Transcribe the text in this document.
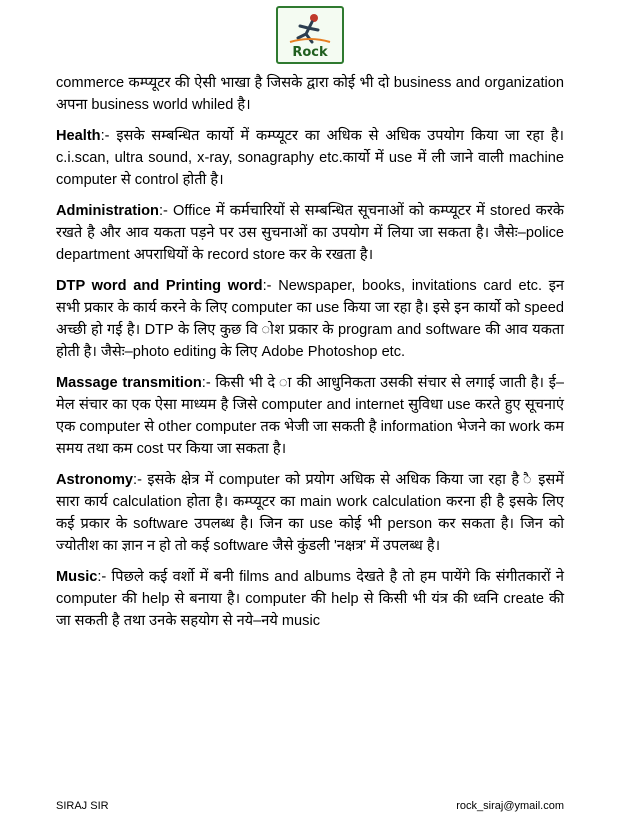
Rock

commerce कम्प्यूटर की ऐसी भाखा है जिसके द्वारा कोई भी दो business and organization अपना business world whiled है।

Health:- इसके सम्बन्धित कार्यो में कम्प्यूटर का अधिक से अधिक उपयोग किया जा रहा है। c.i.scan, ultra sound, x-ray, sonagraphy etc.कार्यो में use में ली जाने वाली machine computer से control होती है।

Administration:- Office में कर्मचारियों से सम्बन्धित सूचनाओं को कम्प्यूटर में stored करके रखते है और आव यकता पड़ने पर उस सुचनाओं का उपयोग में लिया जा सकता है। जैसेः–police department अपराधियों के record store कर के रखता है।

DTP word and Printing word:- Newspaper, books, invitations card etc. इन सभी प्रकार के कार्य करने के लिए computer का use किया जा रहा है। इसे इन कार्यो को speed अच्छी हो गई है। DTP के लिए कुछ वि ोश प्रकार के program and software की आव यकता होती है। जैसेः–photo editing के लिए Adobe Photoshop etc.

Massage transmition:- किसी भी दे ा की आधुनिकता उसकी संचार से लगाई जाती है। ई–मेल संचार का एक ऐसा माध्यम है जिसे computer and internet सुविधा use करते हुए सूचनाएं एक computer से other computer तक भेजी जा सकती है information भेजने का work कम समय तथा कम cost पर किया जा सकता है।

Astronomy:- इसके क्षेत्र में computer को प्रयोग अधिक से अधिक किया जा रहा है ै इसमें सारा कार्य calculation होता है। कम्प्यूटर का main work calculation करना ही है इसके लिए कई प्रकार के software उपलब्ध है। जिन का use कोई भी person कर सकता है। जिन को ज्योतीश का ज्ञान न हो तो कई software जैसे कुंडली 'नक्षत्र' में उपलब्ध है।

Music:- पिछले कई वर्शो में बनी films and albums देखते है तो हम पायेंगे कि संगीतकारों ने computer की help से बनाया है। computer की help से किसी भी यंत्र की ध्वनि create की जा सकती है तथा उनके सहयोग से नये–नये music

SIRAJ SIR	rock_siraj@ymail.com
